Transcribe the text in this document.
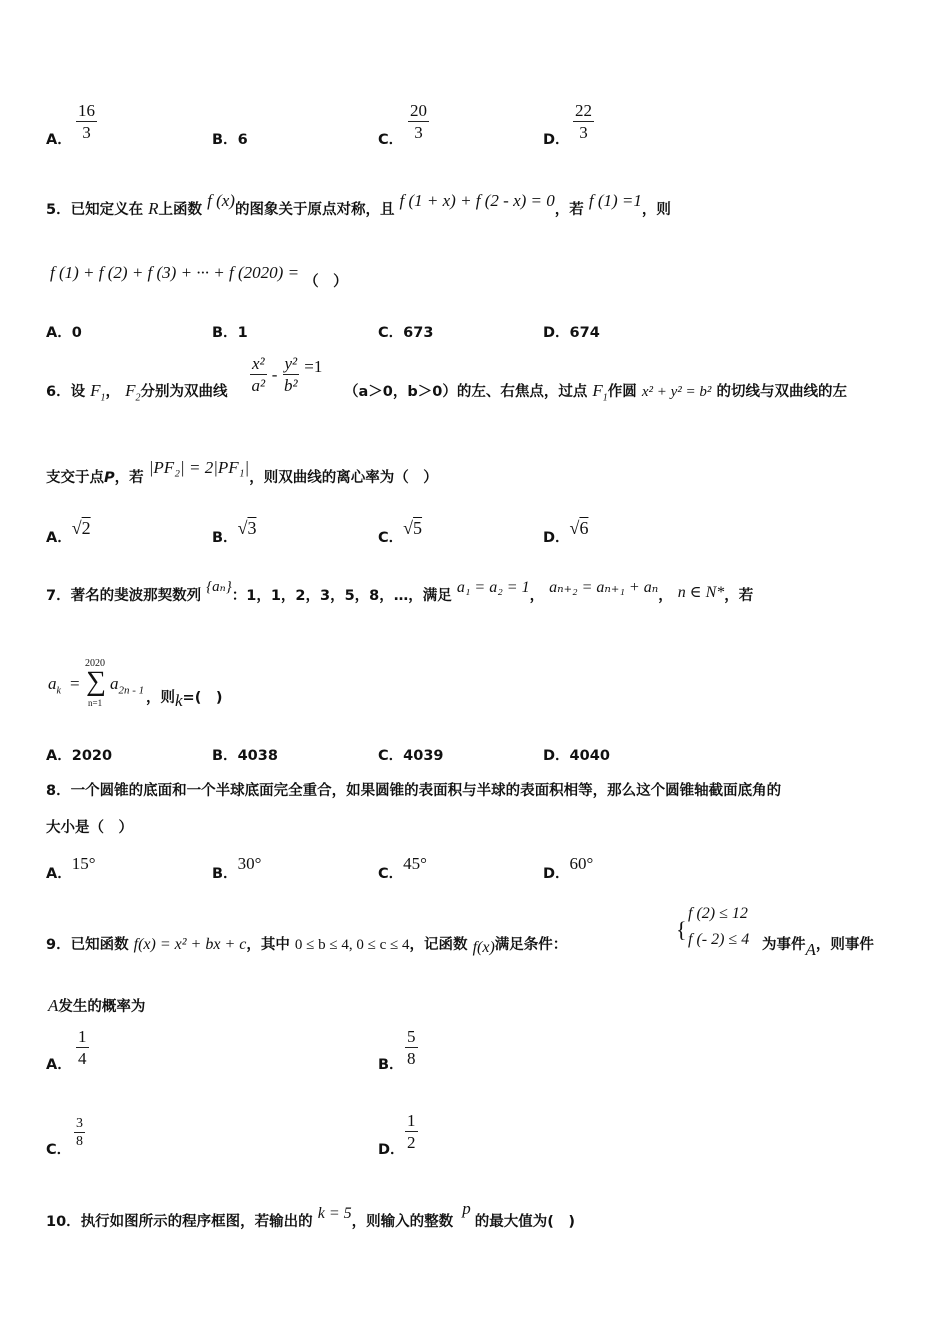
A． $\frac{16}{3}$	B．6	C． $\frac{20}{3}$	D． $\frac{22}{3}$
5．已知定义在 R上函数 f (x)的图象关于原点对称，且 f (1 + x) + f (2 - x) = 0，若 f (1) =1，则
f (1) + f (2) + f (3) + ··· + f (2020) = （　）
A．0	B．1	C．673	D．674
6．设 $F_1$， $F_2$分别为双曲线 $\frac{\text{x²}}{\text{a²}} - \frac{\text{y²}}{\text{b²}} =1$
（a＞0，b＞0）的左、右焦点，过点 $F_1$作圆 x² + y² = b² 的切线与双曲线的左
支交于点P，若 |PF₂| = 2|PF₁|，则双曲线的离心率为（　）
A．√2	B．√3	C．√5	D．√6
7．著名的斐波那契数列 {aₙ}：1，1，2，3，5，8，…，满足 a₁ = a₂ = 1， aₙ₊₂ = aₙ₊₁ + aₙ， n ∈ N*，若
$a_k$ =
2020
∑
n=1
$a_{2n - 1}$ ，则k=(　)
A．2020	B．4038	C．4039	D．4040
8．一个圆锥的底面和一个半球底面完全重合，如果圆锥的表面积与半球的表面积相等，那么这个圆锥轴截面底角的
大小是（　）
A．15°
B．30°
C．45°
D．60°
9．已知函数 f(x) = x² + bx + c，其中 0 ≤ b ≤ 4, 0 ≤ c ≤ 4，记函数 f(x)满足条件：
{
f (2) ≤ 12
f (- 2) ≤ 4 为事件A，则事件
A发生的概率为
A． $\frac{1}{4}$	B． $\frac{5}{8}$
C． $\frac{3}{8}$	D． $\frac{1}{2}$
10．执行如图所示的程序框图，若输出的 k = 5，则输入的整数 p的最大值为(　)
